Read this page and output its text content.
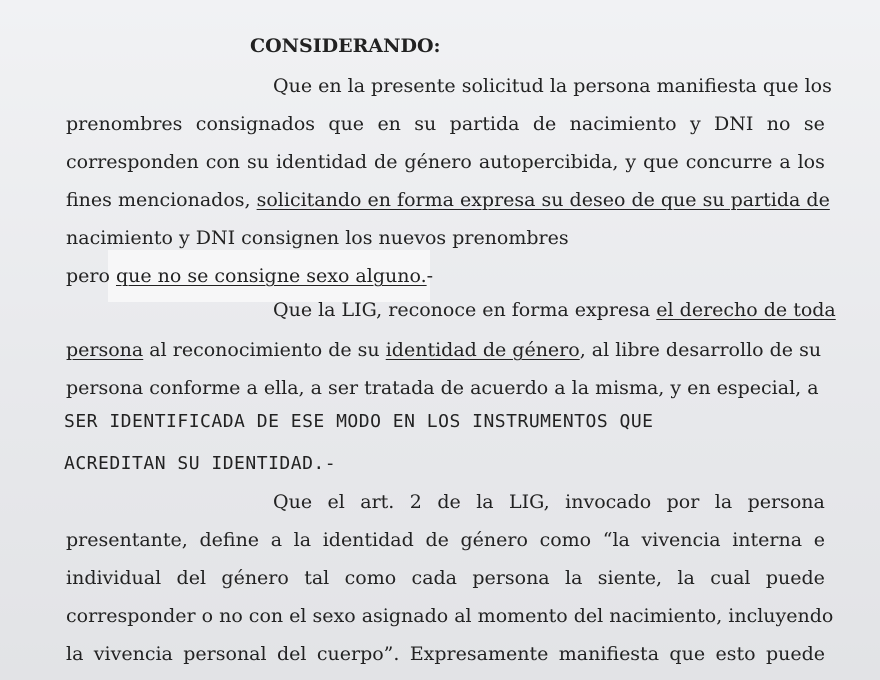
CONSIDERANDO:
Que en la presente solicitud la persona manifiesta que los
prenombres consignados que en su partida de nacimiento y DNI no se
corresponden con su identidad de género autopercibida, y que concurre a los
fines mencionados, solicitando en forma expresa su deseo de que su partida de
nacimiento y DNI consignen los nuevos prenombres
pero que no se consigne sexo alguno.-
Que la LIG, reconoce en forma expresa el derecho de toda
persona al reconocimiento de su identidad de género, al libre desarrollo de su
persona conforme a ella, a ser tratada de acuerdo a la misma, y en especial, a
SER IDENTIFICADA DE ESE MODO EN LOS INSTRUMENTOS QUE
ACREDITAN SU IDENTIDAD.-
Que el art. 2 de la LIG, invocado por la persona
presentante, define a la identidad de género como “la vivencia interna e
individual del género tal como cada persona la siente, la cual puede
corresponder o no con el sexo asignado al momento del nacimiento, incluyendo
la vivencia personal del cuerpo”. Expresamente manifiesta que esto puede
